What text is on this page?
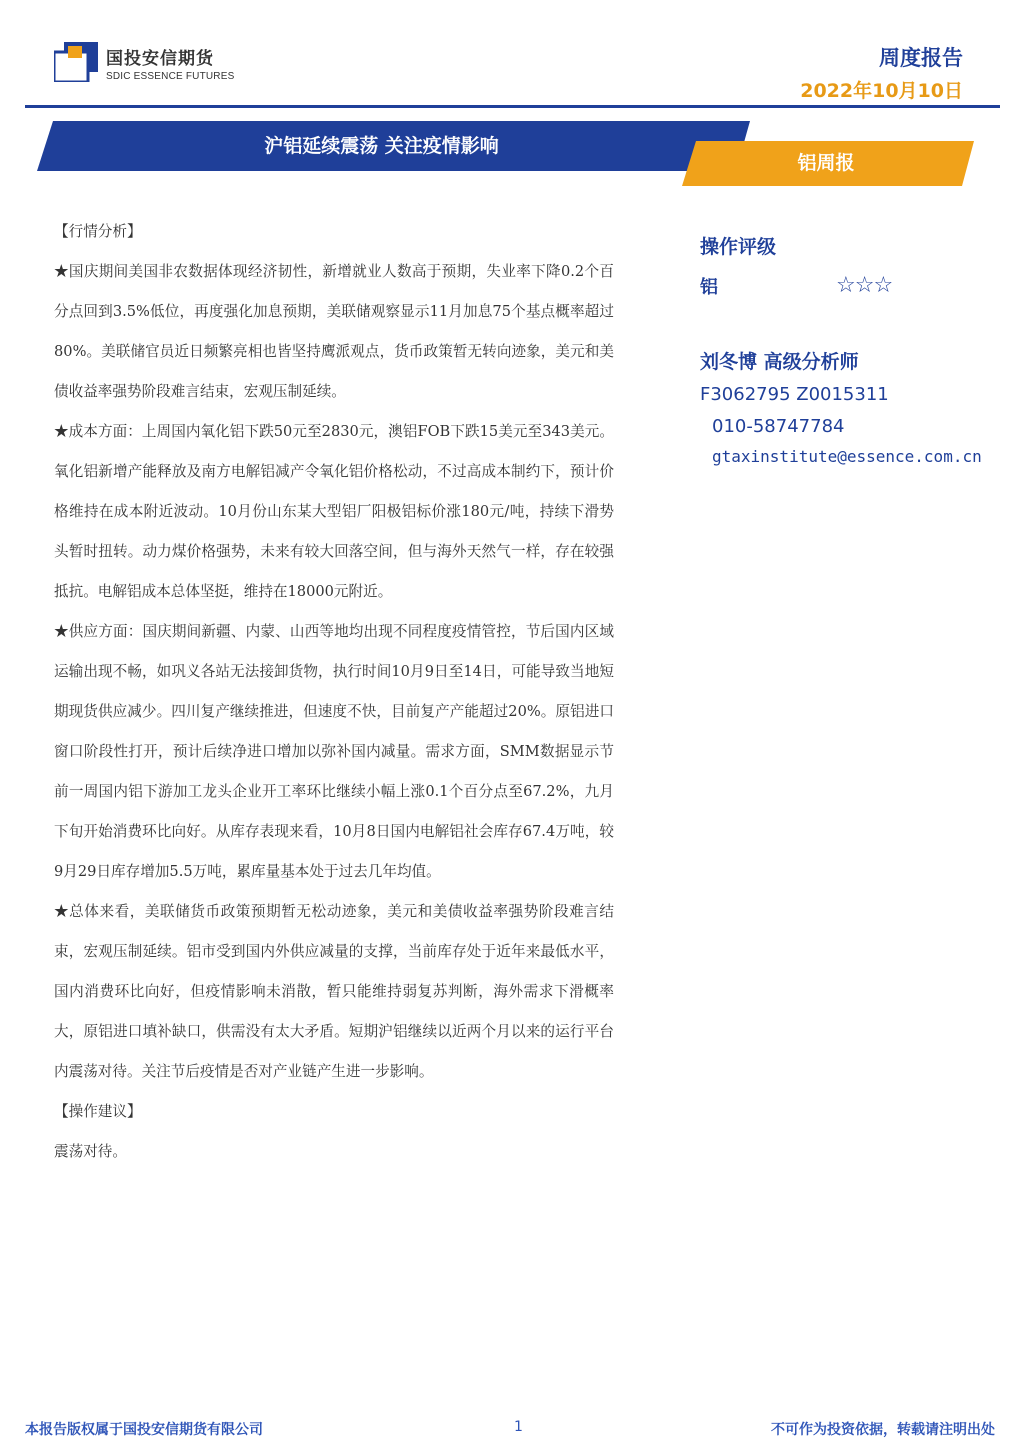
国投安信期货
SDIC ESSENCE FUTURES
周度报告
2022年10月10日
沪铝延续震荡 关注疫情影响
铝周报

【行情分析】

★国庆期间美国非农数据体现经济韧性，新增就业人数高于预期，失业率下降0.2个百分点回到3.5%低位，再度强化加息预期，美联储观察显示11月加息75个基点概率超过80%。美联储官员近日频繁亮相也皆坚持鹰派观点，货币政策暂无转向迹象，美元和美债收益率强势阶段难言结束，宏观压制延续。

★成本方面：上周国内氧化铝下跌50元至2830元，澳铝FOB下跌15美元至343美元。氧化铝新增产能释放及南方电解铝减产令氧化铝价格松动，不过高成本制约下，预计价格维持在成本附近波动。10月份山东某大型铝厂阳极铝标价涨180元/吨，持续下滑势头暂时扭转。动力煤价格强势，未来有较大回落空间，但与海外天然气一样，存在较强抵抗。电解铝成本总体坚挺，维持在18000元附近。

★供应方面：国庆期间新疆、内蒙、山西等地均出现不同程度疫情管控，节后国内区域运输出现不畅，如巩义各站无法接卸货物，执行时间10月9日至14日，可能导致当地短期现货供应减少。四川复产继续推进，但速度不快，目前复产产能超过20%。原铝进口窗口阶段性打开，预计后续净进口增加以弥补国内减量。需求方面，SMM数据显示节前一周国内铝下游加工龙头企业开工率环比继续小幅上涨0.1个百分点至67.2%，九月下旬开始消费环比向好。从库存表现来看，10月8日国内电解铝社会库存67.4万吨，较9月29日库存增加5.5万吨，累库量基本处于过去几年均值。

★总体来看，美联储货币政策预期暂无松动迹象，美元和美债收益率强势阶段难言结束，宏观压制延续。铝市受到国内外供应减量的支撑，当前库存处于近年来最低水平，国内消费环比向好，但疫情影响未消散，暂只能维持弱复苏判断，海外需求下滑概率大，原铝进口填补缺口，供需没有太大矛盾。短期沪铝继续以近两个月以来的运行平台内震荡对待。关注节后疫情是否对产业链产生进一步影响。

【操作建议】

震荡对待。

操作评级
铝	☆☆☆
刘冬博 高级分析师
F3062795 Z0015311
010-58747784
gtaxinstitute@essence.com.cn
本报告版权属于国投安信期货有限公司	1	不可作为投资依据，转载请注明出处
